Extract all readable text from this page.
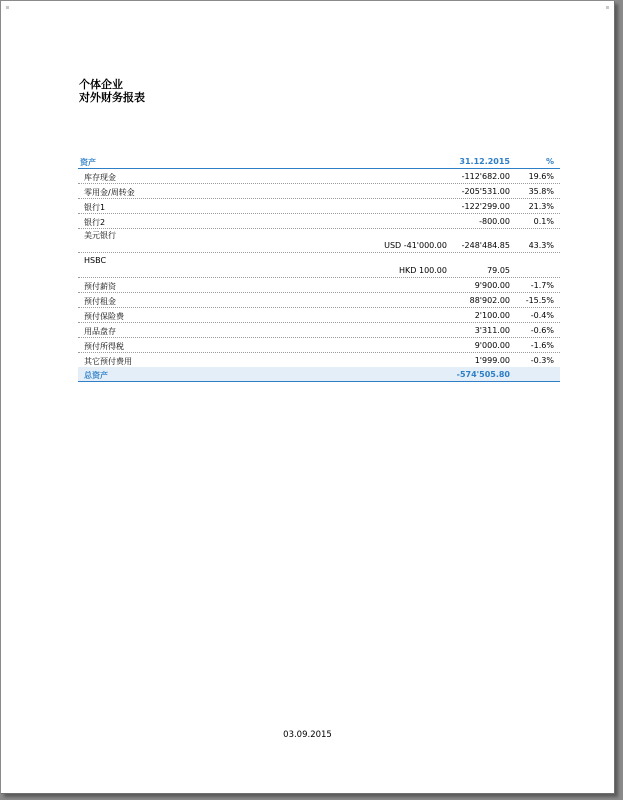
个体企业
对外财务报表
资产	31.12.2015	%
库存现金	-112'682.00 19.6%
零用金/周转金	-205'531.00 35.8%
银行1	-122'299.00 21.3%
银行2	-800.00	0.1%
美元银行
USD -41'000.00 -248'484.85 43.3%
HSBC
HKD 100.00	79.05
预付薪资	9'900.00	-1.7%
预付租金	88'902.00 -15.5%
预付保险费	2'100.00	-0.4%
用品盘存	3'311.00	-0.6%
预付所得税	9'000.00	-1.6%
其它预付费用	1'999.00	-0.3%
总资产	-574'505.80
03.09.2015
